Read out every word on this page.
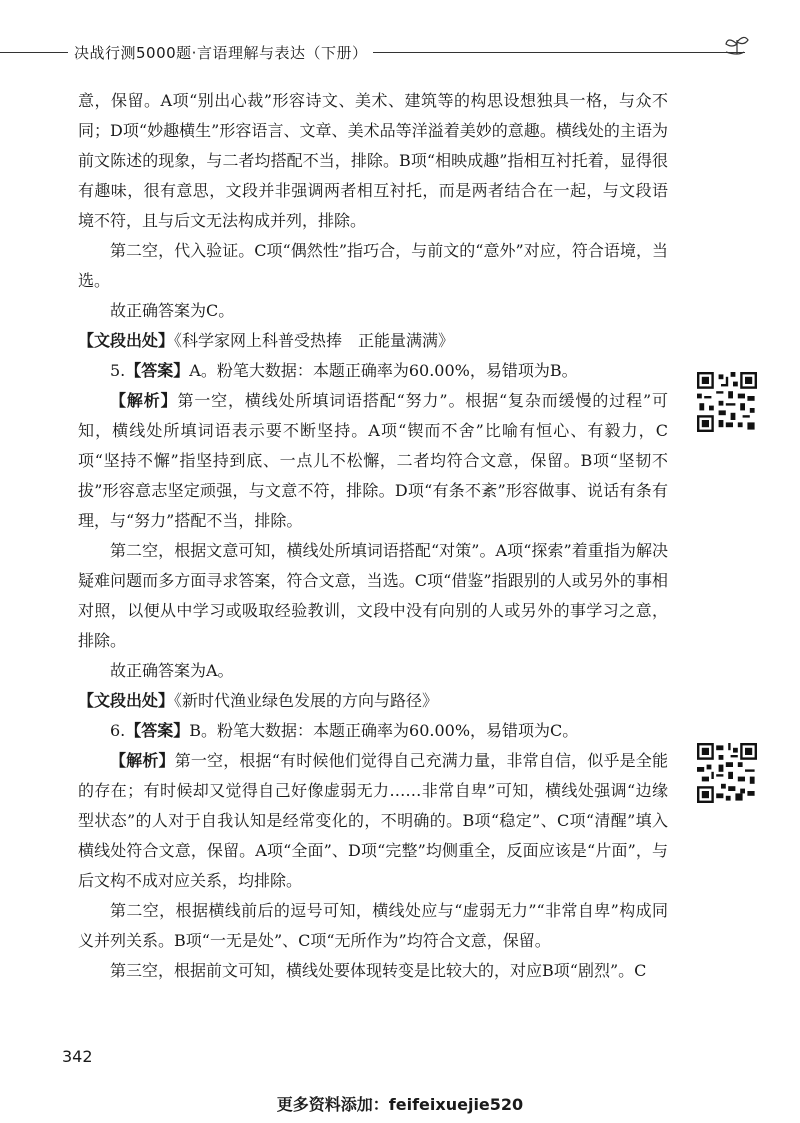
决战行测5000题·言语理解与表达（下册）

意，保留。A项“别出心裁”形容诗文、美术、建筑等的构思设想独具一格，与众不同；D项“妙趣横生”形容语言、文章、美术品等洋溢着美妙的意趣。横线处的主语为前文陈述的现象，与二者均搭配不当，排除。B项“相映成趣”指相互衬托着，显得很有趣味，很有意思，文段并非强调两者相互衬托，而是两者结合在一起，与文段语境不符，且与后文无法构成并列，排除。

第二空，代入验证。C项“偶然性”指巧合，与前文的“意外”对应，符合语境，当选。

故正确答案为C。

【文段出处】《科学家网上科普受热捧　正能量满满》

5.【答案】A。粉笔大数据：本题正确率为60.00%，易错项为B。

【解析】第一空，横线处所填词语搭配“努力”。根据“复杂而缓慢的过程”可知，横线处所填词语表示要不断坚持。A项“锲而不舍”比喻有恒心、有毅力，C项“坚持不懈”指坚持到底、一点儿不松懈，二者均符合文意，保留。B项“坚韧不拔”形容意志坚定顽强，与文意不符，排除。D项“有条不紊”形容做事、说话有条有理，与“努力”搭配不当，排除。

第二空，根据文意可知，横线处所填词语搭配“对策”。A项“探索”着重指为解决疑难问题而多方面寻求答案，符合文意，当选。C项“借鉴”指跟别的人或另外的事相对照，以便从中学习或吸取经验教训，文段中没有向别的人或另外的事学习之意，排除。

故正确答案为A。

【文段出处】《新时代渔业绿色发展的方向与路径》

6.【答案】B。粉笔大数据：本题正确率为60.00%，易错项为C。

【解析】第一空，根据“有时候他们觉得自己充满力量，非常自信，似乎是全能的存在；有时候却又觉得自己好像虚弱无力……非常自卑”可知，横线处强调“边缘型状态”的人对于自我认知是经常变化的，不明确的。B项“稳定”、C项“清醒”填入横线处符合文意，保留。A项“全面”、D项“完整”均侧重全，反面应该是“片面”，与后文构不成对应关系，均排除。

第二空，根据横线前后的逗号可知，横线处应与“虚弱无力”“非常自卑”构成同义并列关系。B项“一无是处”、C项“无所作为”均符合文意，保留。

第三空，根据前文可知，横线处要体现转变是比较大的，对应B项“剧烈”。C

342
更多资料添加：feifeixuejie520
